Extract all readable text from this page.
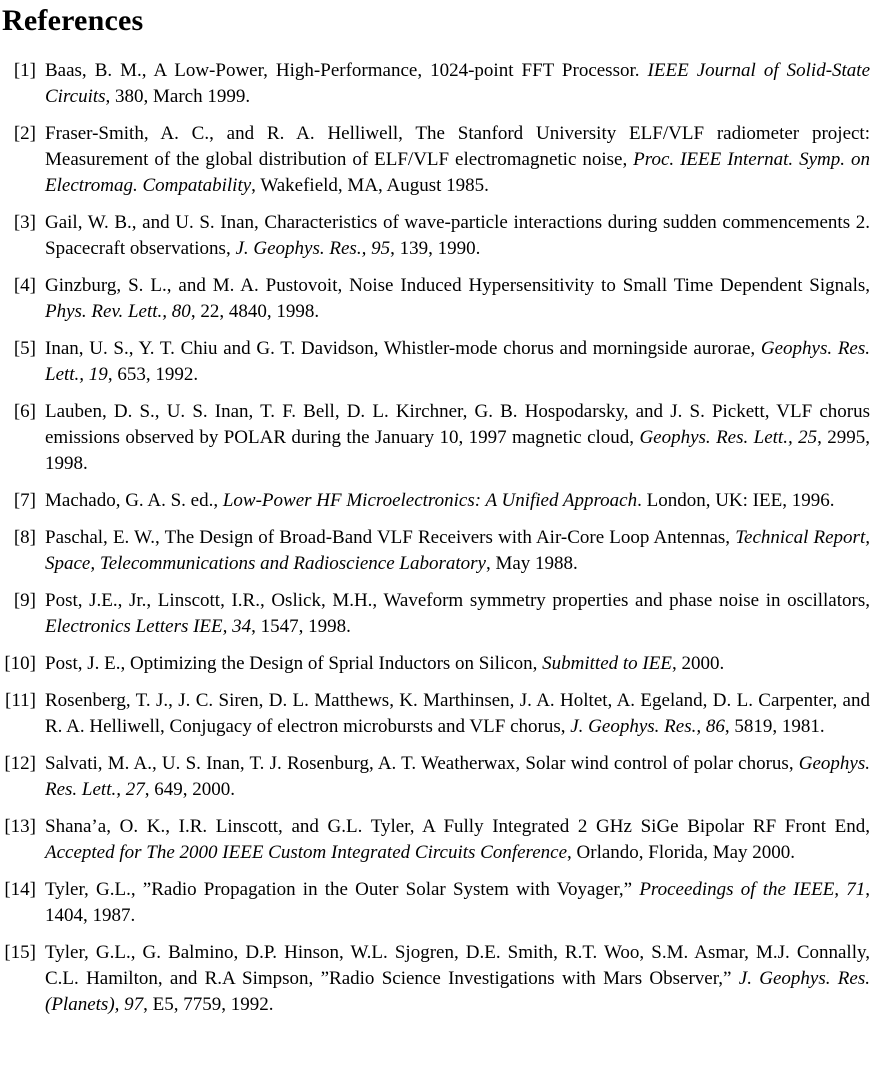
References
[1] Baas, B. M., A Low-Power, High-Performance, 1024-point FFT Processor. IEEE Journal of Solid-State Circuits, 380, March 1999.
[2] Fraser-Smith, A. C., and R. A. Helliwell, The Stanford University ELF/VLF radiometer project: Measurement of the global distribution of ELF/VLF electromagnetic noise, Proc. IEEE Internat. Symp. on Electromag. Compatability, Wakefield, MA, August 1985.
[3] Gail, W. B., and U. S. Inan, Characteristics of wave-particle interactions during sudden commencements 2. Spacecraft observations, J. Geophys. Res., 95, 139, 1990.
[4] Ginzburg, S. L., and M. A. Pustovoit, Noise Induced Hypersensitivity to Small Time Dependent Signals, Phys. Rev. Lett., 80, 22, 4840, 1998.
[5] Inan, U. S., Y. T. Chiu and G. T. Davidson, Whistler-mode chorus and morningside aurorae, Geophys. Res. Lett., 19, 653, 1992.
[6] Lauben, D. S., U. S. Inan, T. F. Bell, D. L. Kirchner, G. B. Hospodarsky, and J. S. Pickett, VLF chorus emissions observed by POLAR during the January 10, 1997 magnetic cloud, Geophys. Res. Lett., 25, 2995, 1998.
[7] Machado, G. A. S. ed., Low-Power HF Microelectronics: A Unified Approach. London, UK: IEE, 1996.
[8] Paschal, E. W., The Design of Broad-Band VLF Receivers with Air-Core Loop Antennas, Technical Report, Space, Telecommunications and Radioscience Laboratory, May 1988.
[9] Post, J.E., Jr., Linscott, I.R., Oslick, M.H., Waveform symmetry properties and phase noise in oscillators, Electronics Letters IEE, 34, 1547, 1998.
[10] Post, J. E., Optimizing the Design of Sprial Inductors on Silicon, Submitted to IEE, 2000.
[11] Rosenberg, T. J., J. C. Siren, D. L. Matthews, K. Marthinsen, J. A. Holtet, A. Egeland, D. L. Carpenter, and R. A. Helliwell, Conjugacy of electron microbursts and VLF chorus, J. Geophys. Res., 86, 5819, 1981.
[12] Salvati, M. A., U. S. Inan, T. J. Rosenburg, A. T. Weatherwax, Solar wind control of polar chorus, Geophys. Res. Lett., 27, 649, 2000.
[13] Shana’a, O. K., I.R. Linscott, and G.L. Tyler, A Fully Integrated 2 GHz SiGe Bipolar RF Front End, Accepted for The 2000 IEEE Custom Integrated Circuits Conference, Orlando, Florida, May 2000.
[14] Tyler, G.L., ”Radio Propagation in the Outer Solar System with Voyager,” Proceedings of the IEEE, 71, 1404, 1987.
[15] Tyler, G.L., G. Balmino, D.P. Hinson, W.L. Sjogren, D.E. Smith, R.T. Woo, S.M. Asmar, M.J. Connally, C.L. Hamilton, and R.A Simpson, ”Radio Science Investigations with Mars Observer,” J. Geophys. Res. (Planets), 97, E5, 7759, 1992.
